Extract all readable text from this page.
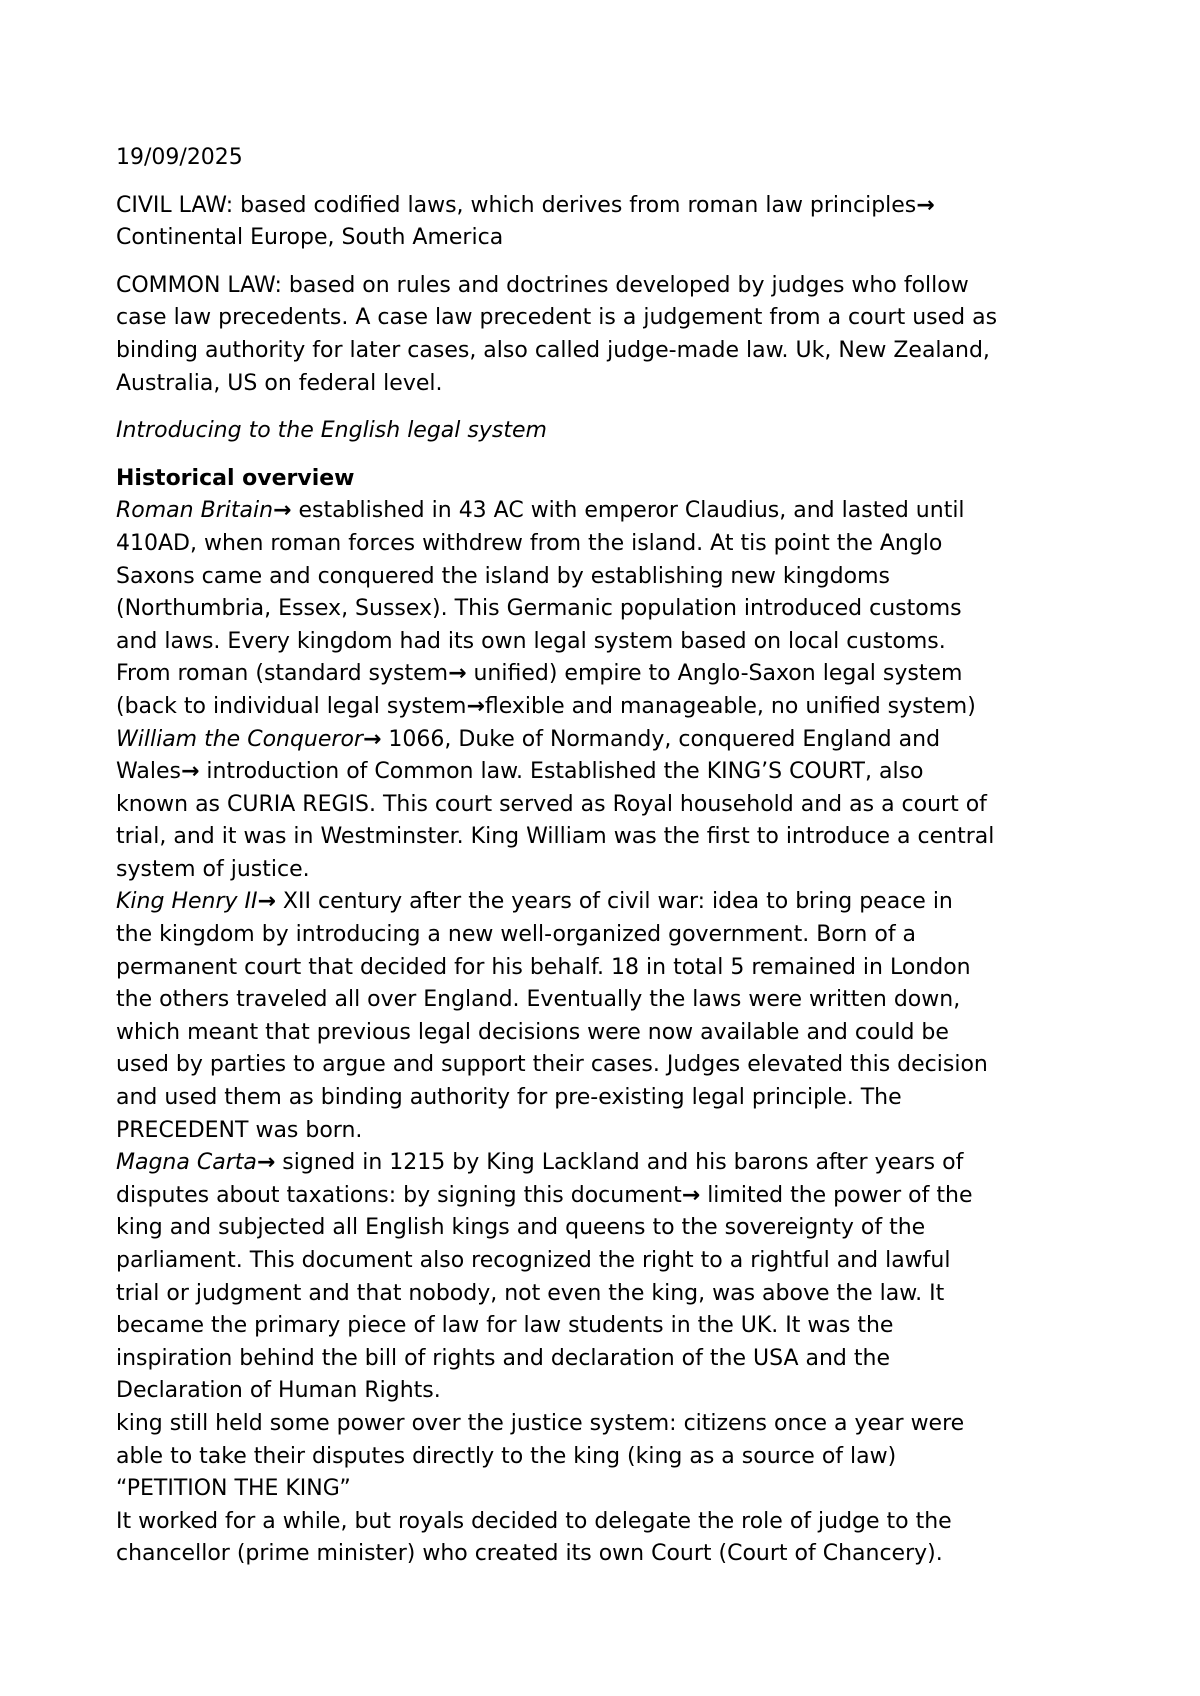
19/09/2025

CIVIL LAW: based codified laws, which derives from roman law principles→
Continental Europe, South America
COMMON LAW: based on rules and doctrines developed by judges who follow
case law precedents. A case law precedent is a judgement from a court used as
binding authority for later cases, also called judge-made law. Uk, New Zealand,
Australia, US on federal level.
Introducing to the English legal system
Historical overview
Roman Britain→ established in 43 AC with emperor Claudius, and lasted until
410AD, when roman forces withdrew from the island. At tis point the Anglo
Saxons came and conquered the island by establishing new kingdoms
(Northumbria, Essex, Sussex). This Germanic population introduced customs
and laws. Every kingdom had its own legal system based on local customs.
From roman (standard system→ unified) empire to Anglo-Saxon legal system
(back to individual legal system→flexible and manageable, no unified system)
William the Conqueror→ 1066, Duke of Normandy, conquered England and
Wales→ introduction of Common law. Established the KING’S COURT, also
known as CURIA REGIS. This court served as Royal household and as a court of
trial, and it was in Westminster. King William was the first to introduce a central
system of justice.
King Henry II→ XII century after the years of civil war: idea to bring peace in
the kingdom by introducing a new well-organized government. Born of a
permanent court that decided for his behalf. 18 in total 5 remained in London
the others traveled all over England. Eventually the laws were written down,
which meant that previous legal decisions were now available and could be
used by parties to argue and support their cases. Judges elevated this decision
and used them as binding authority for pre-existing legal principle. The
PRECEDENT was born.
Magna Carta→ signed in 1215 by King Lackland and his barons after years of
disputes about taxations: by signing this document→ limited the power of the
king and subjected all English kings and queens to the sovereignty of the
parliament. This document also recognized the right to a rightful and lawful
trial or judgment and that nobody, not even the king, was above the law. It
became the primary piece of law for law students in the UK. It was the
inspiration behind the bill of rights and declaration of the USA and the
Declaration of Human Rights.
king still held some power over the justice system: citizens once a year were
able to take their disputes directly to the king (king as a source of law)
“PETITION THE KING”
It worked for a while, but royals decided to delegate the role of judge to the
chancellor (prime minister) who created its own Court (Court of Chancery).
